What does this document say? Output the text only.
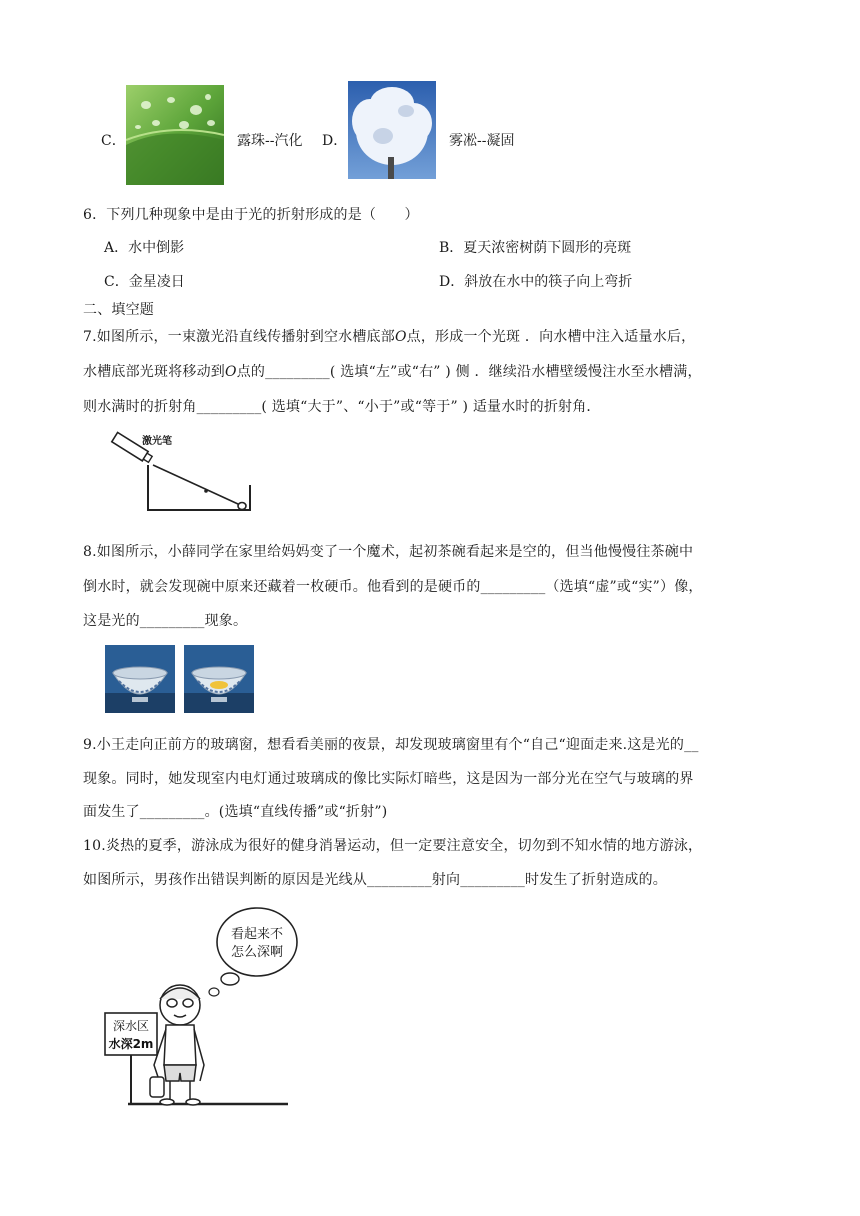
C．	露珠--汽化 D．	雾凇--凝固
6．下列几种现象中是由于光的折射形成的是（　　）
A．水中倒影	B．夏天浓密树荫下圆形的亮斑
C．金星凌日	D．斜放在水中的筷子向上弯折
二、填空题
7.如图所示，一束激光沿直线传播射到空水槽底部O点，形成一个光斑 ．向水槽中注入适量水后，
水槽底部光斑将移动到O点的_________( 选填“左”或“右” ) 侧 ．继续沿水槽壁缓慢注水至水槽满，
则水满时的折射角_________( 选填“大于”、“小于”或“等于” ) 适量水时的折射角．
激光笔
8.如图所示，小薛同学在家里给妈妈变了一个魔术，起初茶碗看起来是空的，但当他慢慢往茶碗中
倒水时，就会发现碗中原来还藏着一枚硬币。他看到的是硬币的_________（选填“虚”或“实”）像，
这是光的_________现象。
9.小王走向正前方的玻璃窗，想看看美丽的夜景，却发现玻璃窗里有个“自己“迎面走来.这是光的__
现象。同时，她发现室内电灯通过玻璃成的像比实际灯暗些，这是因为一部分光在空气与玻璃的界
面发生了_________。(选填“直线传播”或“折射”)
10.炎热的夏季，游泳成为很好的健身消暑运动，但一定要注意安全，切勿到不知水情的地方游泳，
如图所示，男孩作出错误判断的原因是光线从_________射向_________时发生了折射造成的。
看起来不
怎么深啊
深水区
水深2m
